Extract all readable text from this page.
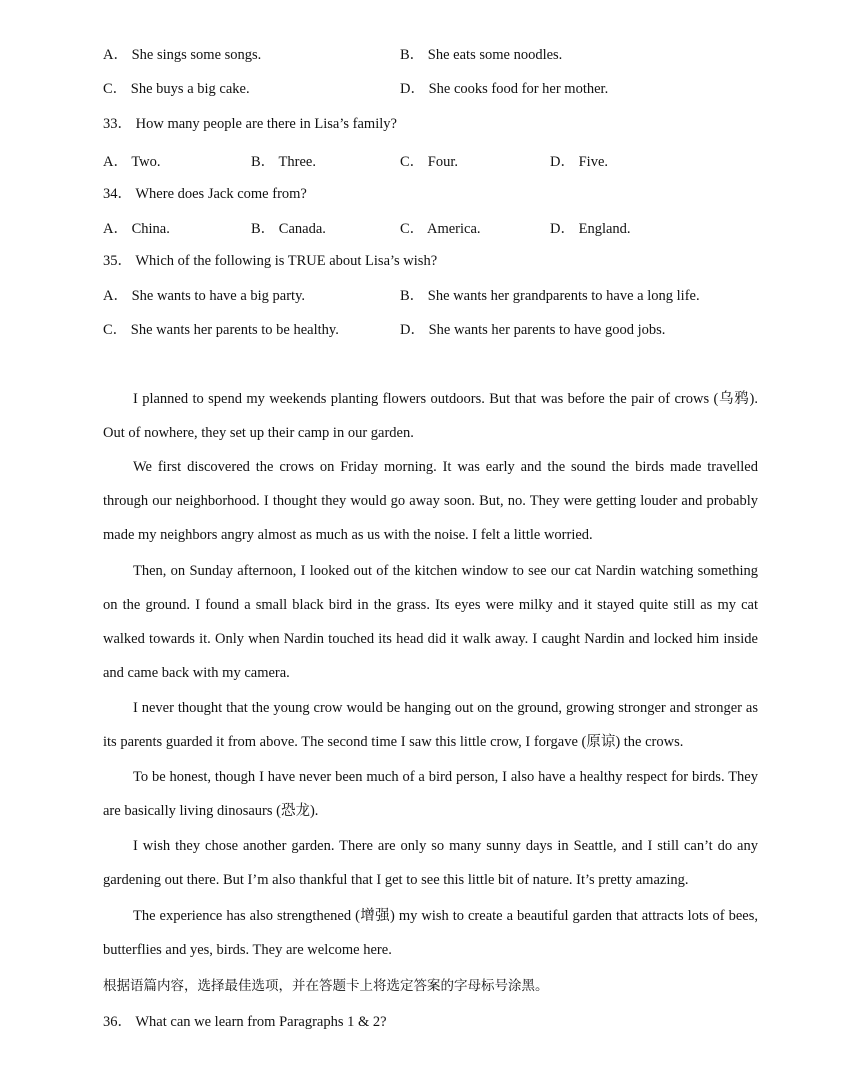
A． She sings some songs.	B． She eats some noodles.
C． She buys a big cake.	D． She cooks food for her mother.
33． How many people are there in Lisa’s family?
A． Two.	B． Three.	C． Four.	D． Five.
34． Where does Jack come from?
A． China.	B． Canada.	C． America.	D． England.
35． Which of the following is TRUE about Lisa’s wish?
A． She wants to have a big party.	B． She wants her grandparents to have a long life.
C． She wants her parents to be healthy.	D． She wants her parents to have good jobs.
I planned to spend my weekends planting flowers outdoors. But that was before the pair of crows (乌鸦). Out of nowhere, they set up their camp in our garden.
We first discovered the crows on Friday morning. It was early and the sound the birds made travelled through our neighborhood. I thought they would go away soon. But, no. They were getting louder and probably made my neighbors angry almost as much as us with the noise. I felt a little worried.
Then, on Sunday afternoon, I looked out of the kitchen window to see our cat Nardin watching something on the ground. I found a small black bird in the grass. Its eyes were milky and it stayed quite still as my cat walked towards it. Only when Nardin touched its head did it walk away. I caught Nardin and locked him inside and came back with my camera.
I never thought that the young crow would be hanging out on the ground, growing stronger and stronger as its parents guarded it from above. The second time I saw this little crow, I forgave (原谅) the crows.
To be honest, though I have never been much of a bird person, I also have a healthy respect for birds. They are basically living dinosaurs (恐龙).
I wish they chose another garden. There are only so many sunny days in Seattle, and I still can’t do any gardening out there. But I’m also thankful that I get to see this little bit of nature. It’s pretty amazing.
The experience has also strengthened (增强) my wish to create a beautiful garden that attracts lots of bees, butterflies and yes, birds. They are welcome here.
根据语篇内容，选择最佳选项，并在答题卡上将选定答案的字母标号涂黑。
36． What can we learn from Paragraphs 1 & 2?
